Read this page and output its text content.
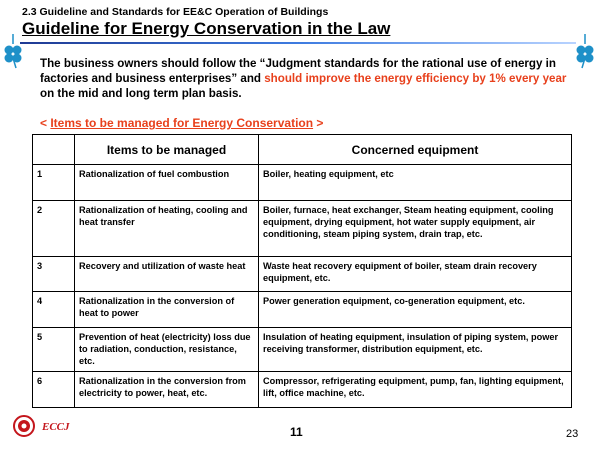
2.3 Guideline and Standards for EE&C Operation of Buildings
Guideline for Energy Conservation in the Law
The business owners should follow the “Judgment standards for the rational use of energy in factories and business enterprises” and should improve the energy efficiency by 1% every year on the mid and long term plan basis.
< Items to be managed for Energy Conservation >
	Items to be managed	Concerned equipment
1	Rationalization of fuel combustion	Boiler, heating equipment, etc
2	Rationalization of heating, cooling and heat transfer	Boiler, furnace, heat exchanger, Steam heating equipment, cooling equipment, drying equipment, hot water supply equipment, air conditioning, steam piping system, drain trap, etc.
3	Recovery and utilization of waste heat	Waste heat recovery equipment of boiler, steam drain recovery equipment, etc.
4	Rationalization in the conversion of heat to power	Power generation equipment, co-generation equipment, etc.
5	Prevention of heat (electricity) loss due to radiation, conduction, resistance, etc.	Insulation of heating equipment, insulation of piping system, power receiving transformer, distribution equipment, etc.
6	Rationalization in the conversion from electricity to power, heat, etc.	Compressor, refrigerating equipment, pump, fan, lighting equipment, lift, office machine, etc.
ECCJ	11	23
